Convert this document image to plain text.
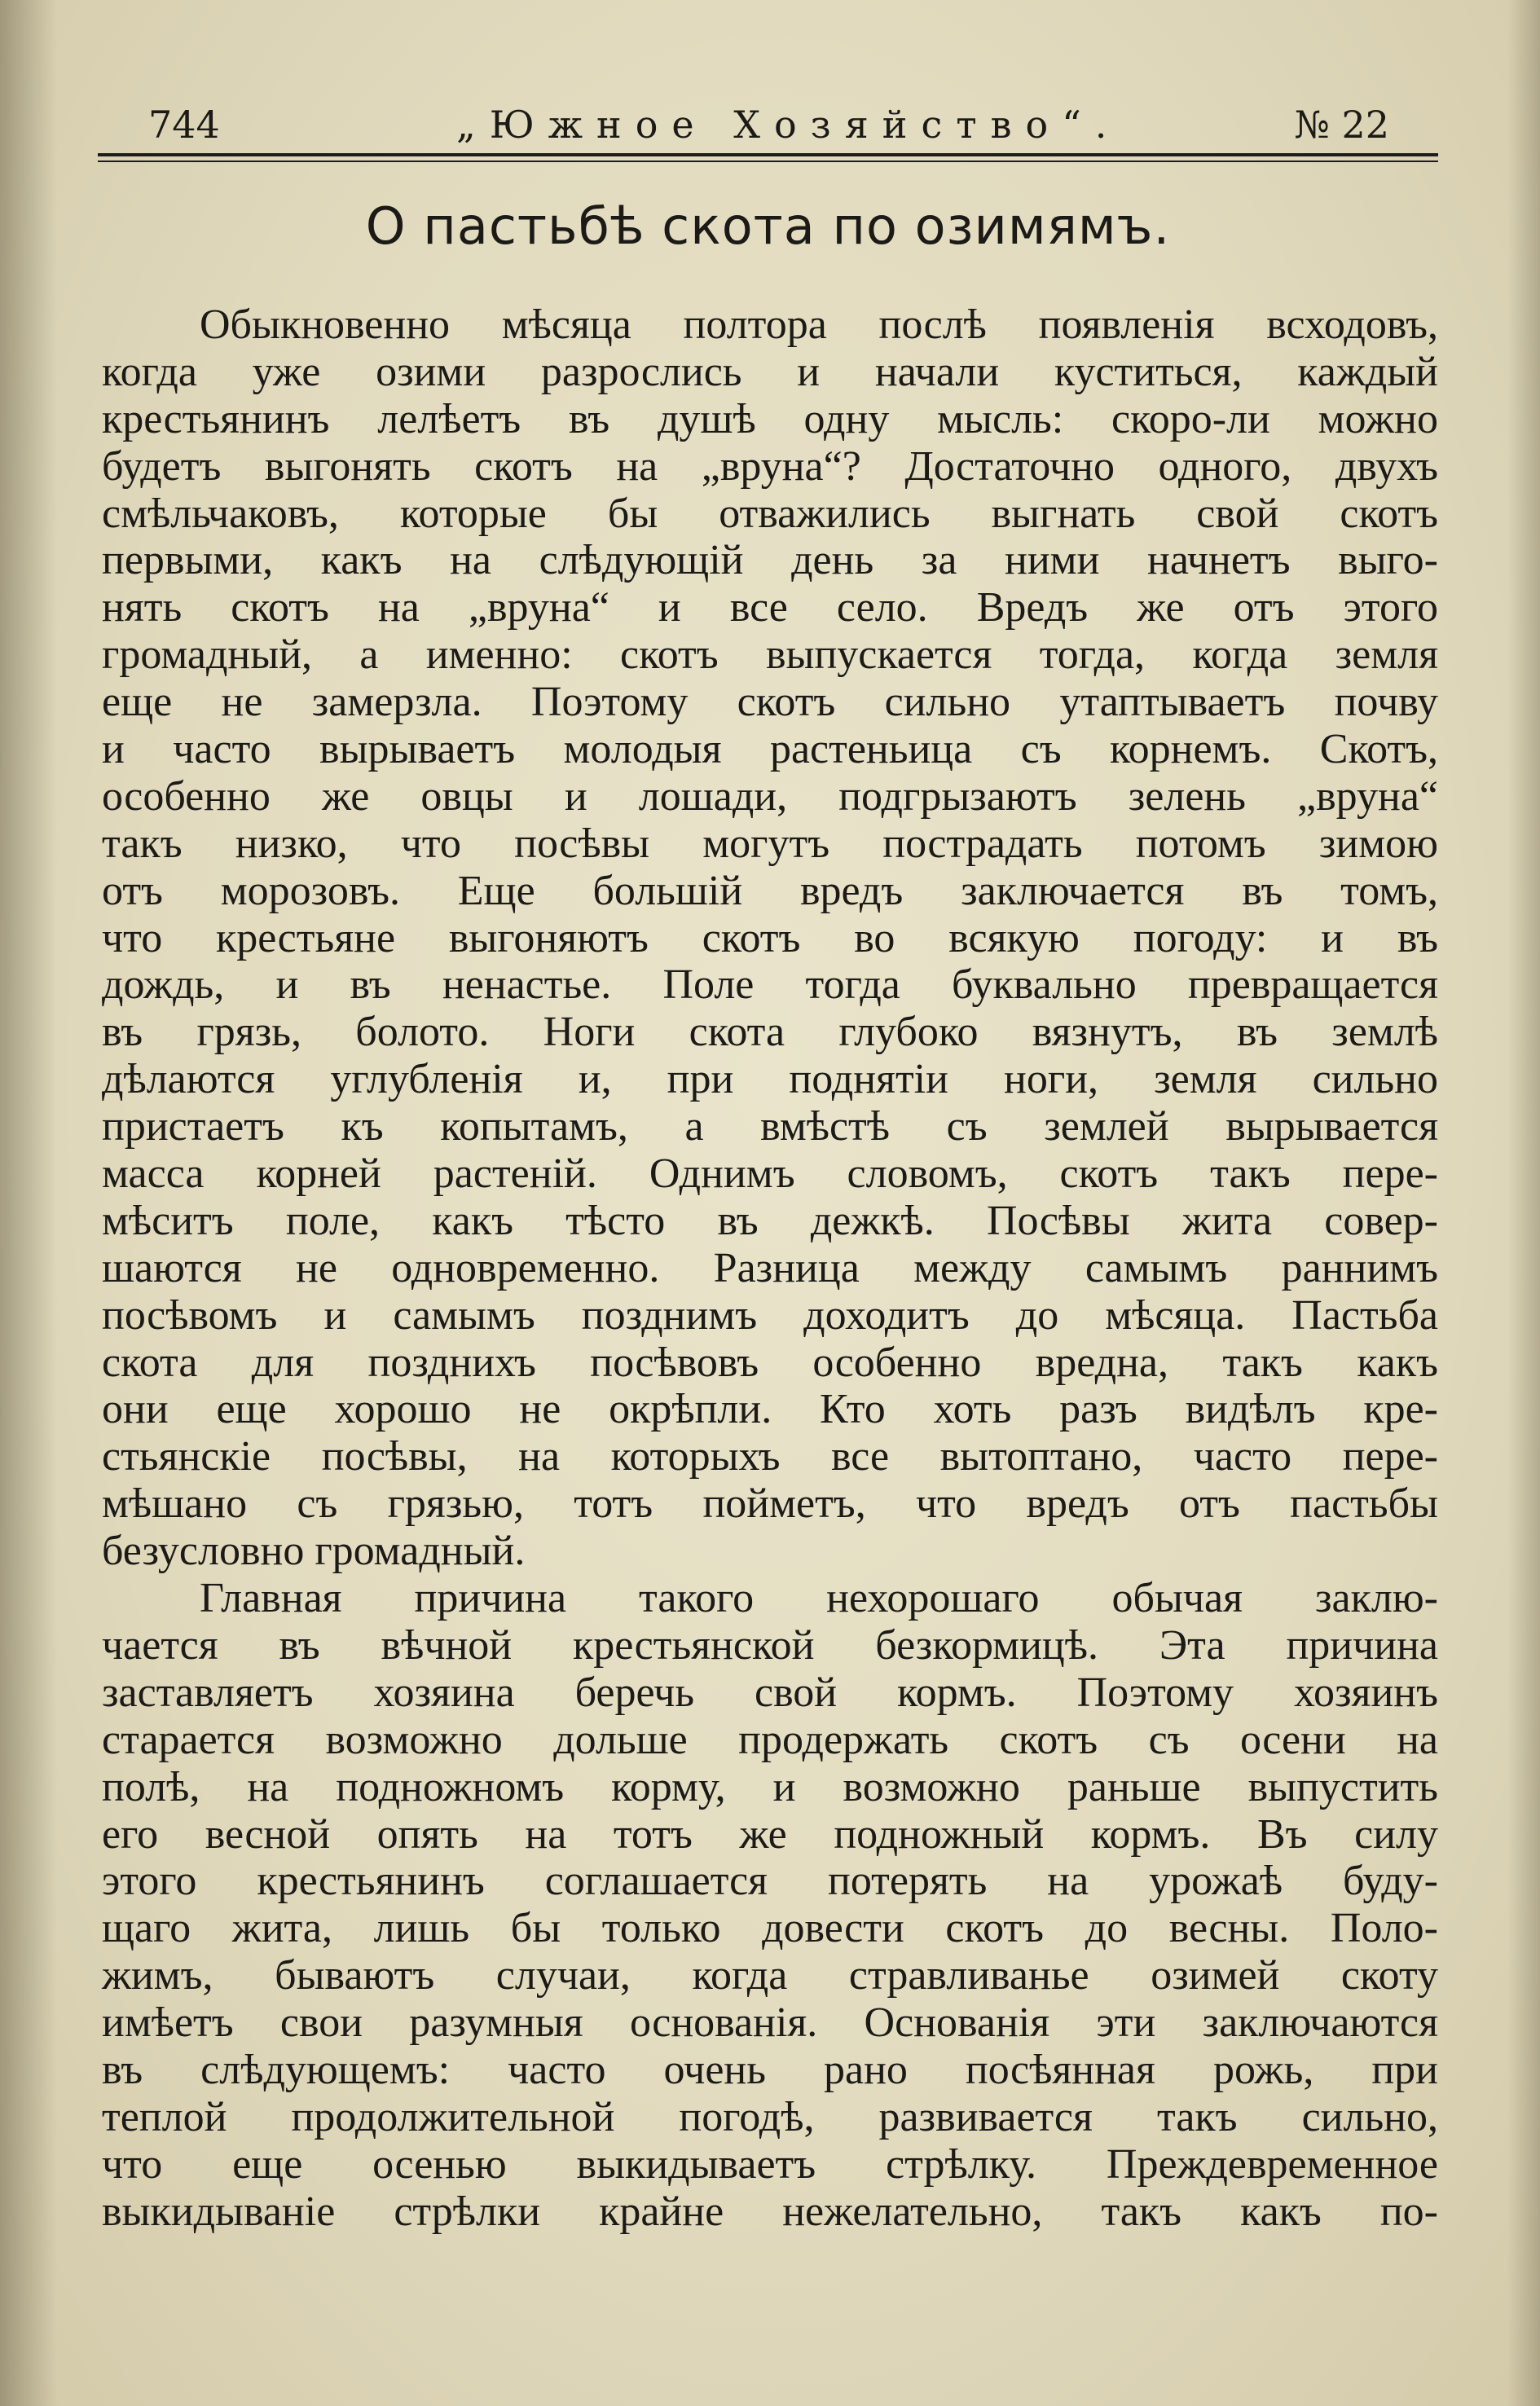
744	„Южное Хозяйство“.	№ 22
О пастьбѣ скота по озимямъ.
Обыкновенно мѣсяца полтора послѣ появленія всходовъ,
когда уже озими разрослись и начали куститься, каждый
крестьянинъ лелѣетъ въ душѣ одну мысль: скоро-ли можно
будетъ выгонять скотъ на „вруна“? Достаточно одного, двухъ
смѣльчаковъ, которые бы отважились выгнать свой скотъ
первыми, какъ на слѣдующій день за ними начнетъ выго-
нять скотъ на „вруна“ и все село. Вредъ же отъ этого
громадный, а именно: скотъ выпускается тогда, когда земля
еще не замерзла. Поэтому скотъ сильно утаптываетъ почву
и часто вырываетъ молодыя растеньица съ корнемъ. Скотъ,
особенно же овцы и лошади, подгрызаютъ зелень „вруна“
такъ низко, что посѣвы могутъ пострадать потомъ зимою
отъ морозовъ. Еще большій вредъ заключается въ томъ,
что крестьяне выгоняютъ скотъ во всякую погоду: и въ
дождь, и въ ненастье. Поле тогда буквально превращается
въ грязь, болото. Ноги скота глубоко вязнутъ, въ землѣ
дѣлаются углубленія и, при поднятіи ноги, земля сильно
пристаетъ къ копытамъ, а вмѣстѣ съ землей вырывается
масса корней растеній. Однимъ словомъ, скотъ такъ пере-
мѣситъ поле, какъ тѣсто въ дежкѣ. Посѣвы жита совер-
шаются не одновременно. Разница между самымъ раннимъ
посѣвомъ и самымъ позднимъ доходитъ до мѣсяца. Пастьба
скота для позднихъ посѣвовъ особенно вредна, такъ какъ
они еще хорошо не окрѣпли. Кто хоть разъ видѣлъ кре-
стьянскіе посѣвы, на которыхъ все вытоптано, часто пере-
мѣшано съ грязью, тотъ пойметъ, что вредъ отъ пастьбы
безусловно громадный.
Главная причина такого нехорошаго обычая заклю-
чается въ вѣчной крестьянской безкормицѣ. Эта причина
заставляетъ хозяина беречь свой кормъ. Поэтому хозяинъ
старается возможно дольше продержать скотъ съ осени на
полѣ, на подножномъ корму, и возможно раньше выпустить
его весной опять на тотъ же подножный кормъ. Въ силу
этого крестьянинъ соглашается потерять на урожаѣ буду-
щаго жита, лишь бы только довести скотъ до весны. Поло-
жимъ, бываютъ случаи, когда стравливанье озимей скоту
имѣетъ свои разумныя основанія. Основанія эти заключаются
въ слѣдующемъ: часто очень рано посѣянная рожь, при
теплой продолжительной погодѣ, развивается такъ сильно,
что еще осенью выкидываетъ стрѣлку. Преждевременное
выкидываніе стрѣлки крайне нежелательно, такъ какъ по-
